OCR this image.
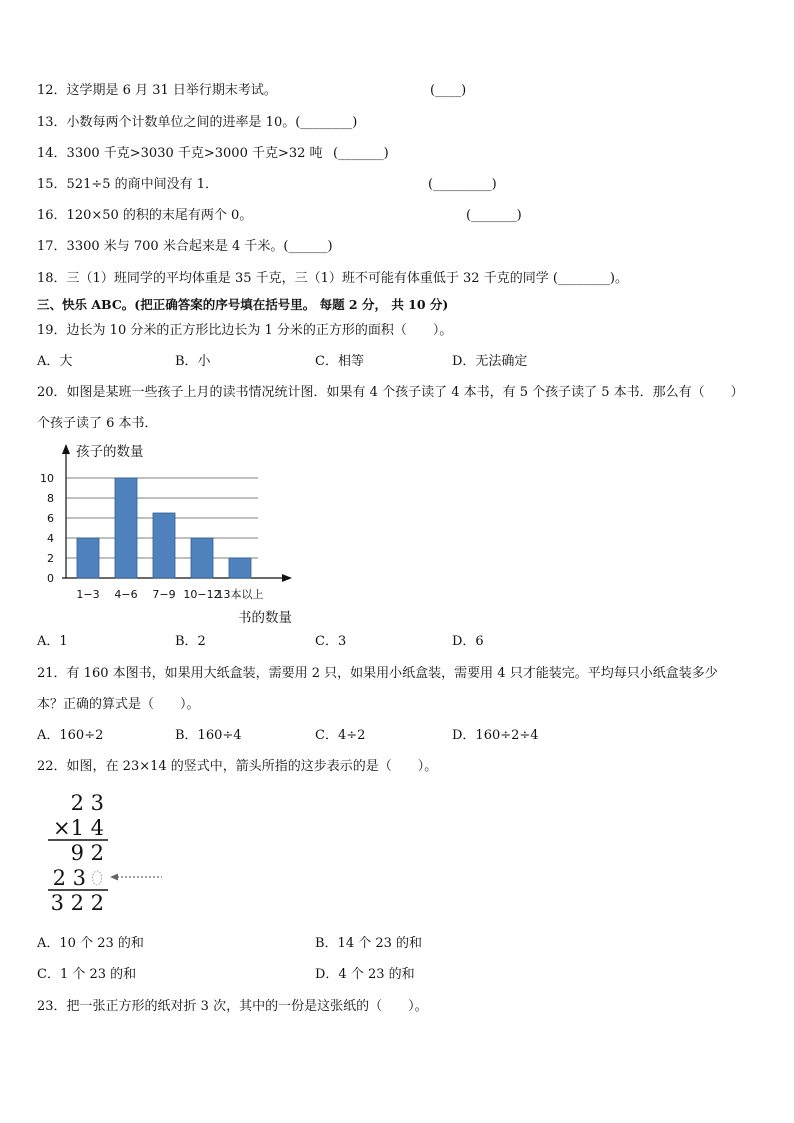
12．这学期是 6 月 31 日举行期末考试。	(____)
13．小数每两个计数单位之间的进率是 10。(________)
14．3300 千克>3030 千克>3000 千克>32 吨 (_______)
15．521÷5 的商中间没有 1．	(_________)
16．120×50 的积的末尾有两个 0。	(_______)
17．3300 米与 700 米合起来是 4 千米。(______)
18．三（1）班同学的平均体重是 35 千克，三（1）班不可能有体重低于 32 千克的同学 (________)。
三、快乐 ABC。(把正确答案的序号填在括号里。 每题 2 分， 共 10 分)
19．边长为 10 分米的正方形比边长为 1 分米的正方形的面积（　　）。
A．大	B．小	C．相等	D．无法确定
20．如图是某班一些孩子上月的读书情况统计图．如果有 4 个孩子读了 4 本书，有 5 个孩子读了 5 本书．那么有（　　）
个孩子读了 6 本书．
0
2
4
6
8
10
孩子的数量
1−3 4−6 7−9 10−12
13本以上
书的数量
A．1	B．2	C．3	D．6
21．有 160 本图书，如果用大纸盒装，需要用 2 只，如果用小纸盒装，需要用 4 只才能装完。平均每只小纸盒装多少
本？正确的算式是（　　）。
A．160÷2	B．160÷4	C．4÷2	D．160÷2÷4
22．如图，在 23×14 的竖式中，箭头所指的这步表示的是（　　）。
2 3
×1 4
9 2
2 3
3 2 2
A．10 个 23 的和	B．14 个 23 的和
C．1 个 23 的和	D．4 个 23 的和
23．把一张正方形的纸对折 3 次，其中的一份是这张纸的（　　）。
